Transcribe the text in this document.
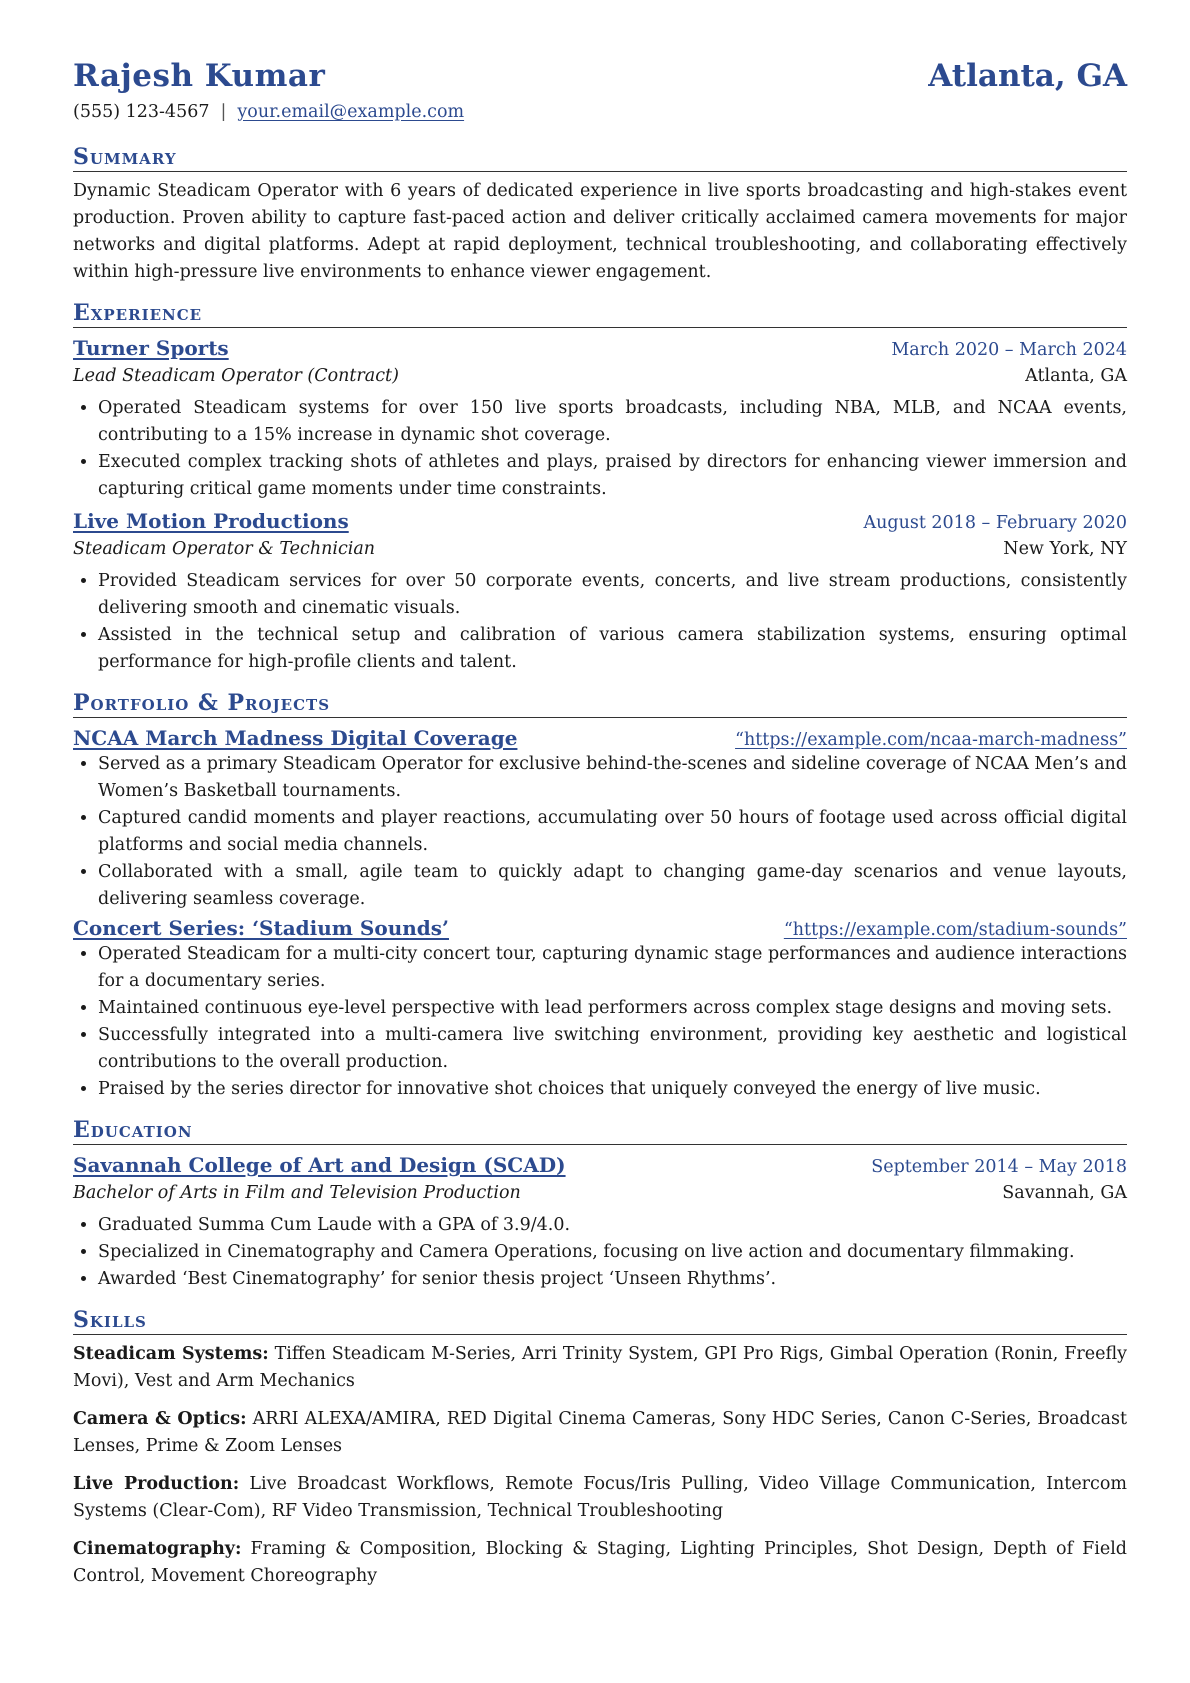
Rajesh Kumar	Atlanta, GA
(555) 123-4567 | your.email@example.com
Summary
Dynamic Steadicam Operator with 6 years of dedicated experience in live sports broadcasting and high-stakes event production. Proven ability to capture fast-paced action and deliver critically acclaimed camera movements for major networks and digital platforms. Adept at rapid deployment, technical troubleshooting, and collaborating effectively within high-pressure live environments to enhance viewer engagement.
Experience
Turner Sports	March 2020 – March 2024
Lead Steadicam Operator (Contract)	Atlanta, GA
• Operated Steadicam systems for over 150 live sports broadcasts, including NBA, MLB, and NCAA events, contributing to a 15% increase in dynamic shot coverage.
• Executed complex tracking shots of athletes and plays, praised by directors for enhancing viewer immersion and capturing critical game moments under time constraints.
Live Motion Productions	August 2018 – February 2020
Steadicam Operator & Technician	New York, NY
• Provided Steadicam services for over 50 corporate events, concerts, and live stream productions, consistently delivering smooth and cinematic visuals.
• Assisted in the technical setup and calibration of various camera stabilization systems, ensuring optimal performance for high-profile clients and talent.
Portfolio & Projects
NCAA March Madness Digital Coverage	“https://example.com/ncaa-march-madness”
• Served as a primary Steadicam Operator for exclusive behind-the-scenes and sideline coverage of NCAA Men’s and Women’s Basketball tournaments.
• Captured candid moments and player reactions, accumulating over 50 hours of footage used across official digital platforms and social media channels.
• Collaborated with a small, agile team to quickly adapt to changing game-day scenarios and venue layouts, delivering seamless coverage.
Concert Series: ‘Stadium Sounds’	“https://example.com/stadium-sounds”
• Operated Steadicam for a multi-city concert tour, capturing dynamic stage performances and audience interactions for a documentary series.
• Maintained continuous eye-level perspective with lead performers across complex stage designs and moving sets.
• Successfully integrated into a multi-camera live switching environment, providing key aesthetic and logistical contributions to the overall production.
• Praised by the series director for innovative shot choices that uniquely conveyed the energy of live music.
Education
Savannah College of Art and Design (SCAD)	September 2014 – May 2018
Bachelor of Arts in Film and Television Production	Savannah, GA
• Graduated Summa Cum Laude with a GPA of 3.9/4.0.
• Specialized in Cinematography and Camera Operations, focusing on live action and documentary filmmaking.
• Awarded ‘Best Cinematography’ for senior thesis project ‘Unseen Rhythms’.
Skills
Steadicam Systems: Tiffen Steadicam M-Series, Arri Trinity System, GPI Pro Rigs, Gimbal Operation (Ronin, Freefly Movi), Vest and Arm Mechanics
Camera & Optics: ARRI ALEXA/AMIRA, RED Digital Cinema Cameras, Sony HDC Series, Canon C-Series, Broadcast Lenses, Prime & Zoom Lenses
Live Production: Live Broadcast Workflows, Remote Focus/Iris Pulling, Video Village Communication, Intercom Systems (Clear-Com), RF Video Transmission, Technical Troubleshooting
Cinematography: Framing & Composition, Blocking & Staging, Lighting Principles, Shot Design, Depth of Field Control, Movement Choreography
